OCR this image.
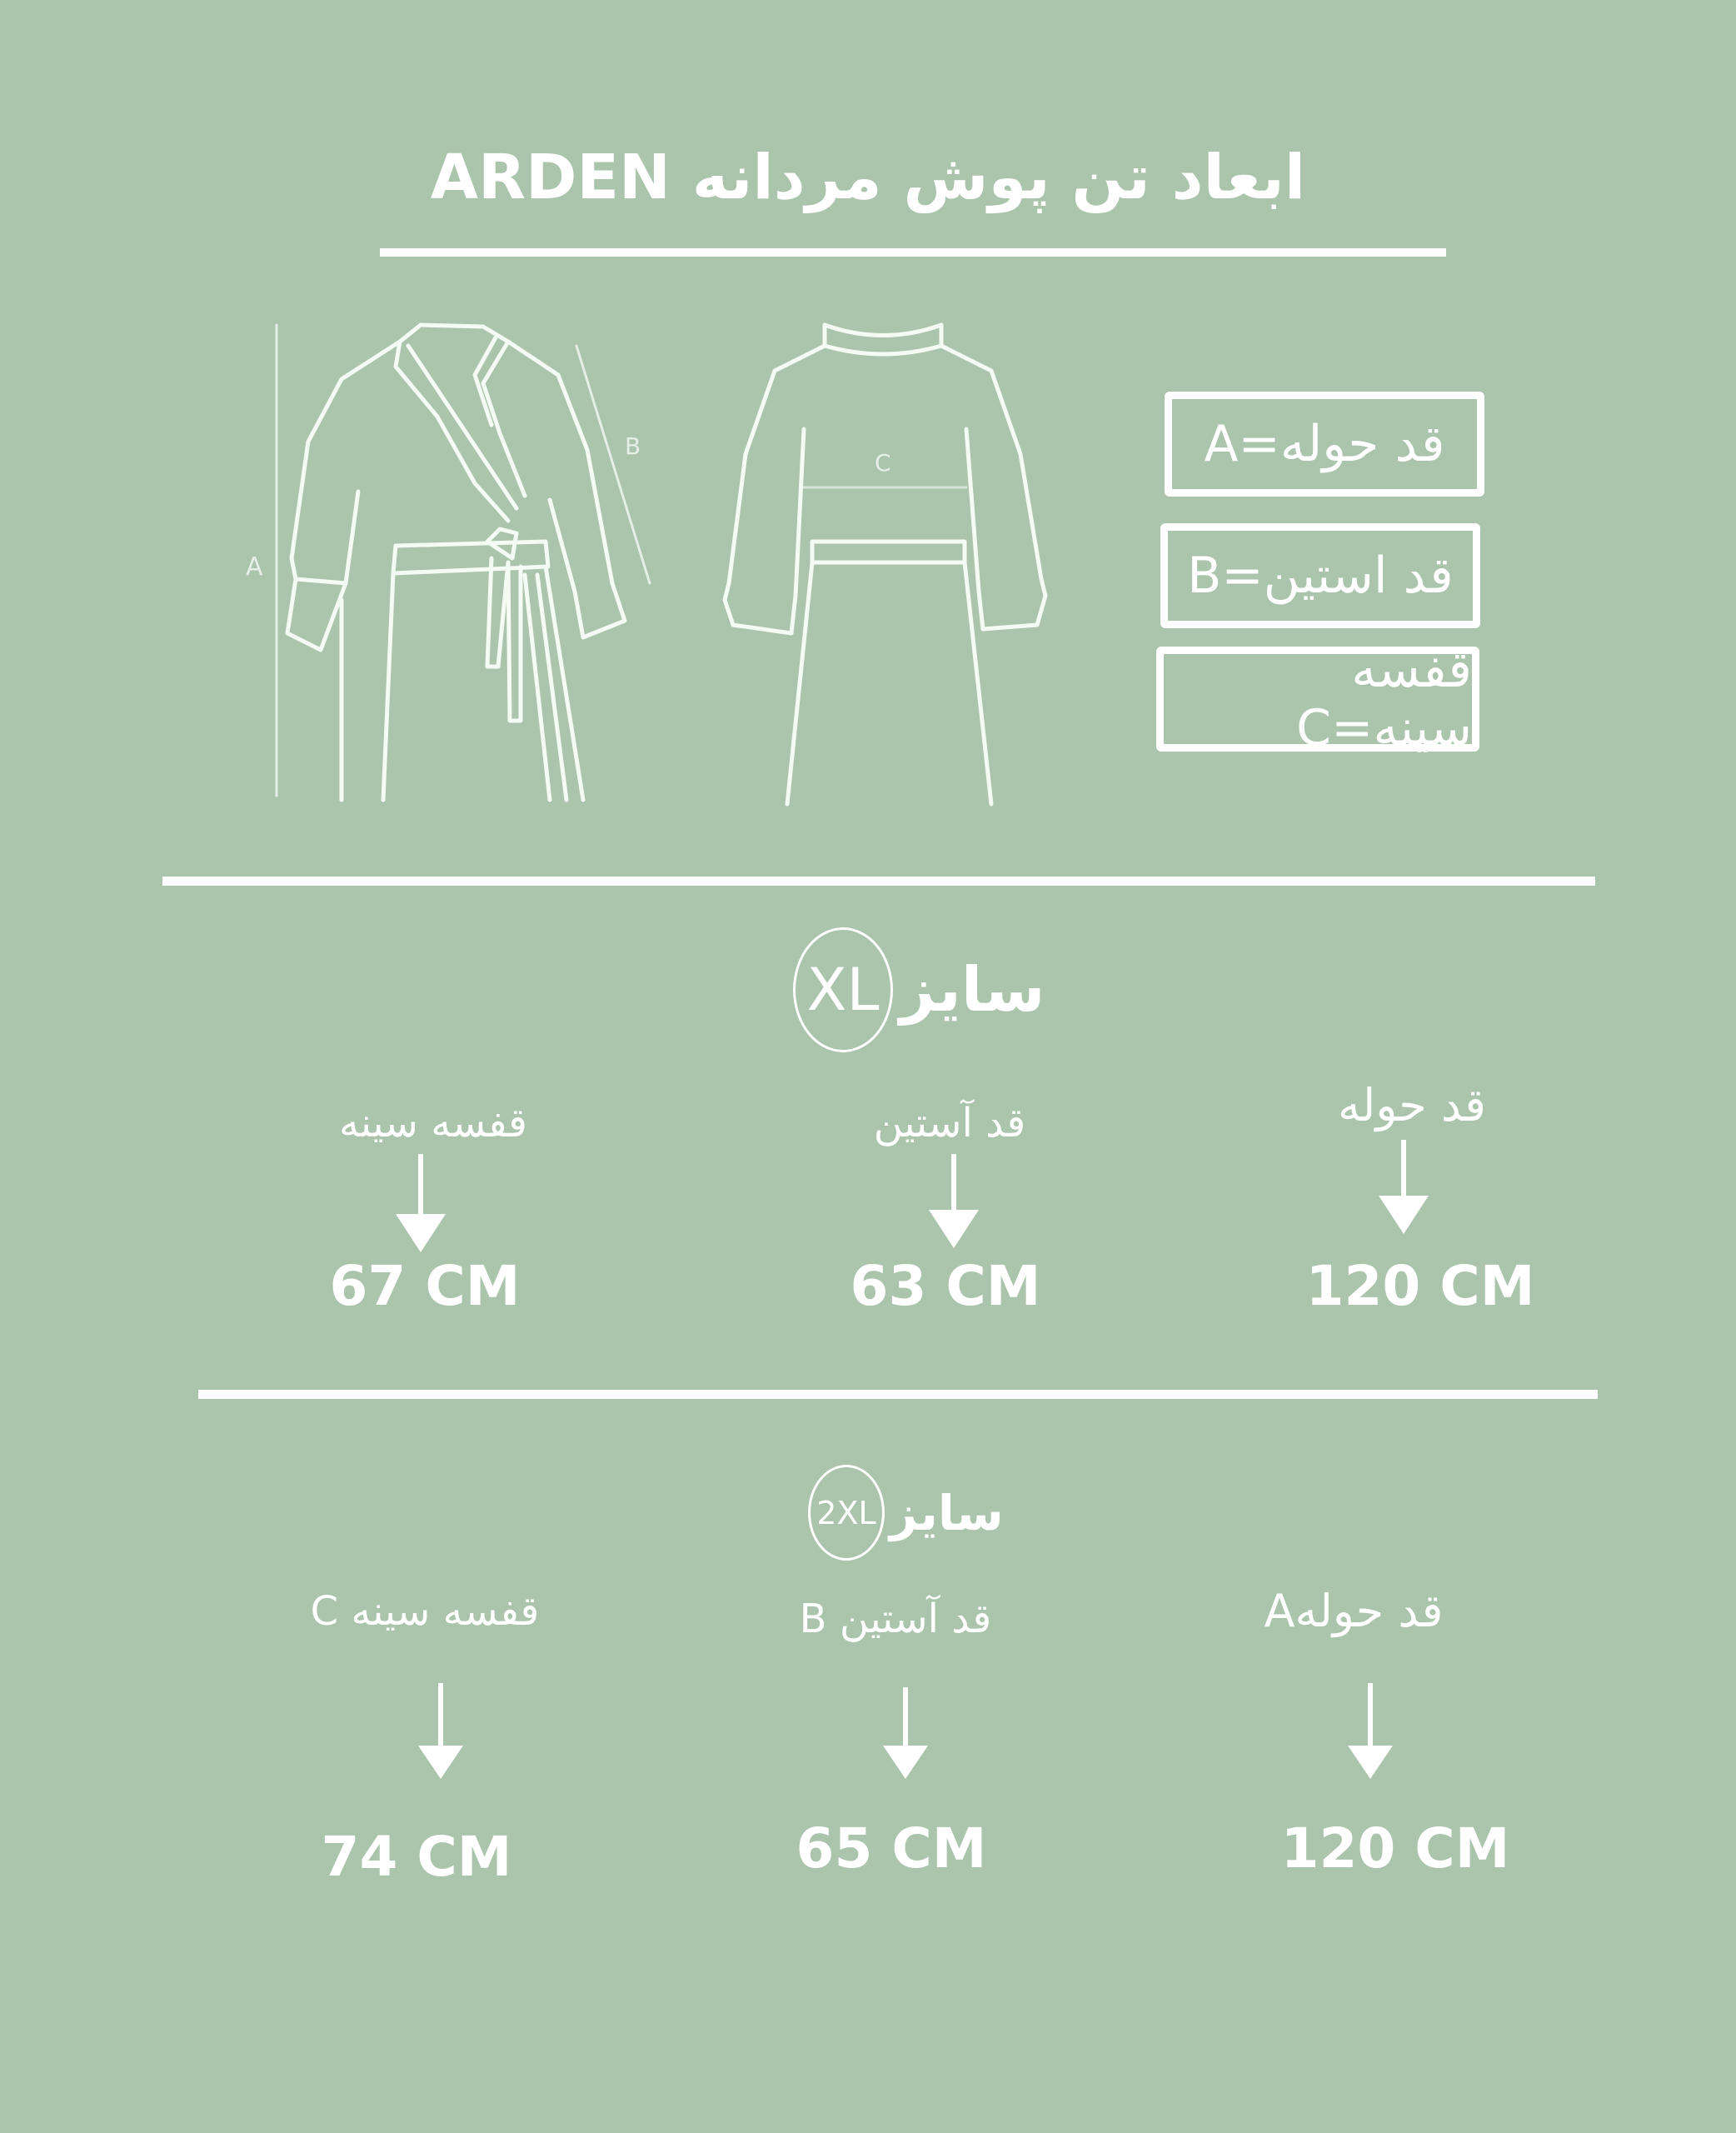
ابعاد تن پوش مردانه ARDEN
A
B
C	قد حوله=A
قد استین=B
قفسه سینه=C
XL سایز
قفسه سینه	قد آستین	قد حوله
67 CM	63 CM	120 CM
2XL سایز
قفسه سینه C	قد آستین B	قد حولهA
74 CM	65 CM	120 CM
